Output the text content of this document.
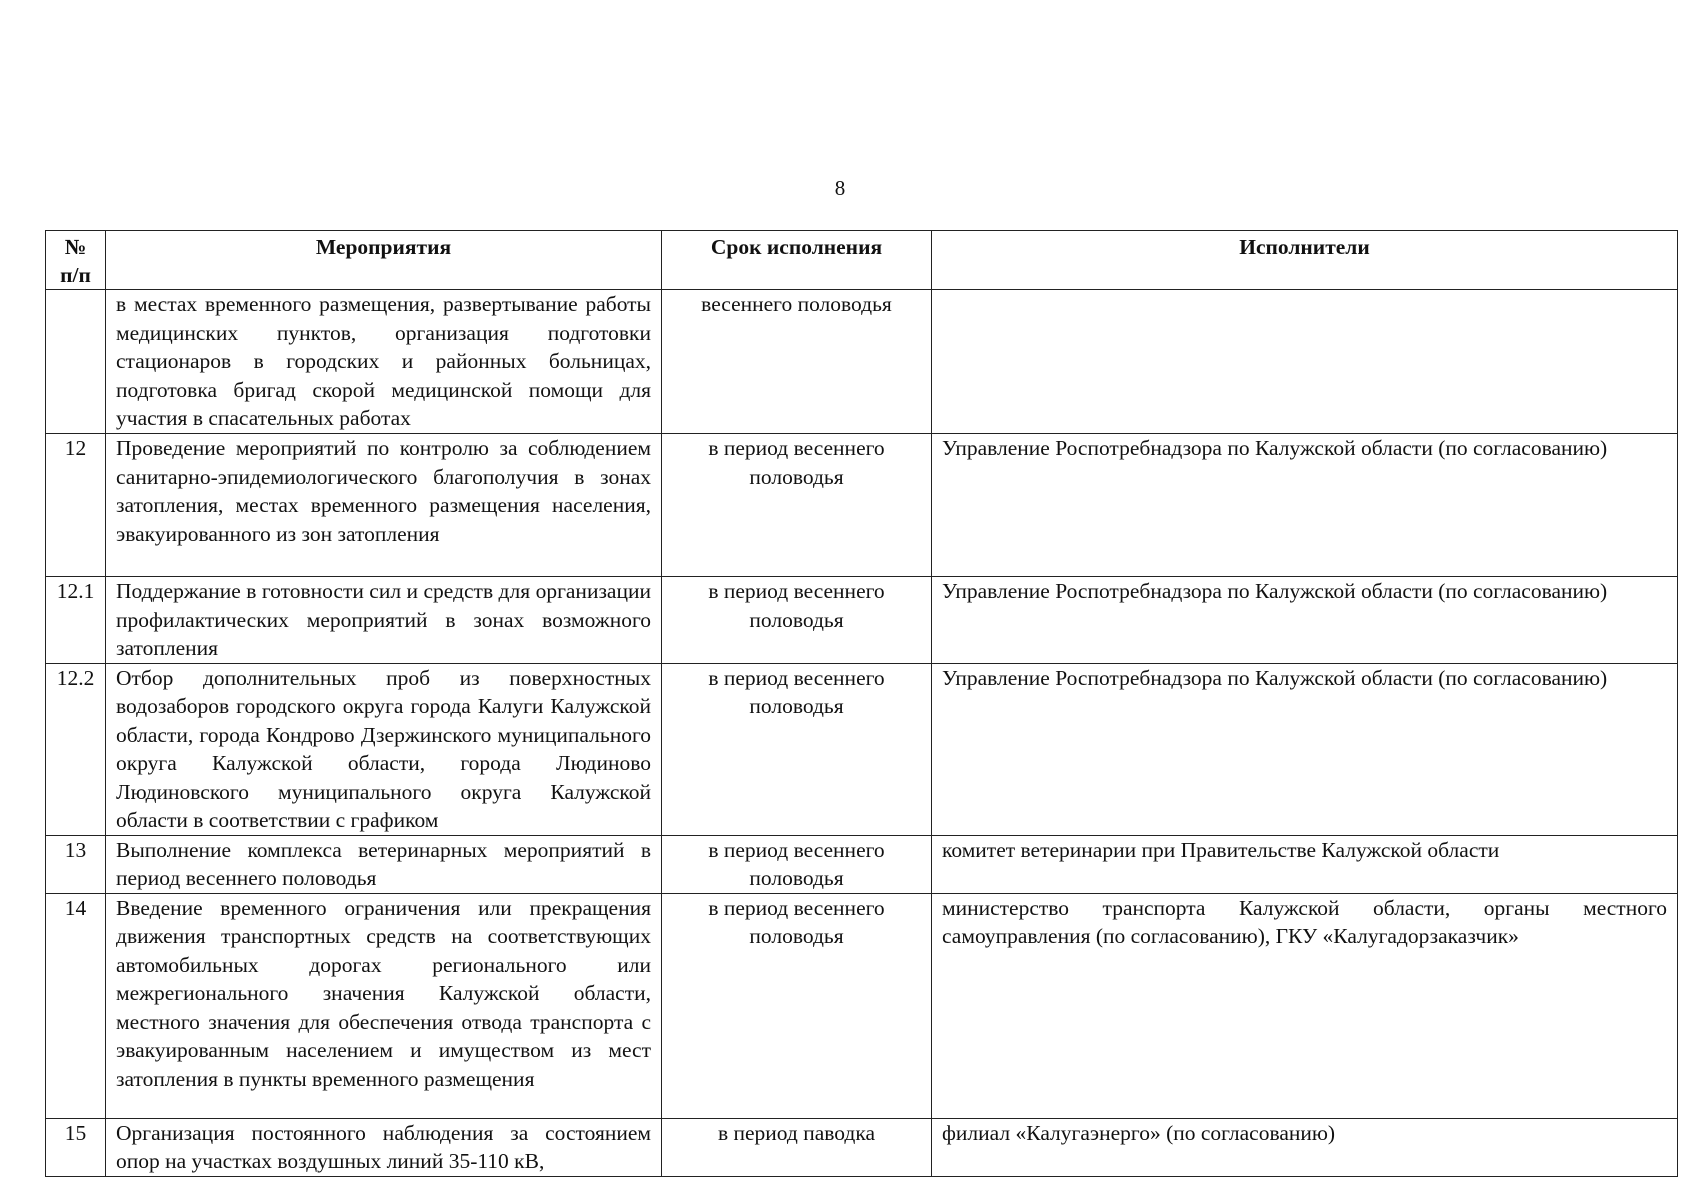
8
№ п/п	Мероприятия	Срок исполнения	Исполнители
	в местах временного размещения, развертывание работы медицинских пунктов, организация подготовки стационаров в городских и районных больницах, подготовка бригад скорой медицинской помощи для участия в спасательных работах	весеннего половодья	
12	Проведение мероприятий по контролю за соблюдением санитарно-эпидемиологического благополучия в зонах затопления, местах временного размещения населения, эвакуированного из зон затопления	в период весеннего половодья	Управление Роспотребнадзора по Калужской области (по согласованию)
12.1	Поддержание в готовности сил и средств для организации профилактических мероприятий в зонах возможного затопления	в период весеннего половодья	Управление Роспотребнадзора по Калужской области (по согласованию)
12.2	Отбор дополнительных проб из поверхностных водозаборов городского округа города Калуги Калужской области, города Кондрово Дзержинского муниципального округа Калужской области, города Людиново Людиновского муниципального округа Калужской области в соответствии с графиком	в период весеннего половодья	Управление Роспотребнадзора по Калужской области (по согласованию)
13	Выполнение комплекса ветеринарных мероприятий в период весеннего половодья	в период весеннего половодья	комитет ветеринарии при Правительстве Калужской области
14	Введение временного ограничения или прекращения движения транспортных средств на соответствующих автомобильных дорогах регионального или межрегионального значения Калужской области, местного значения для обеспечения отвода транспорта с эвакуированным населением и имуществом из мест затопления в пункты временного размещения	в период весеннего половодья	министерство транспорта Калужской области, органы местного самоуправления (по согласованию), ГКУ «Калугадорзаказчик»
15	Организация постоянного наблюдения за состоянием опор на участках воздушных линий 35-110 кВ,	в период паводка	филиал «Калугаэнерго» (по согласованию)
